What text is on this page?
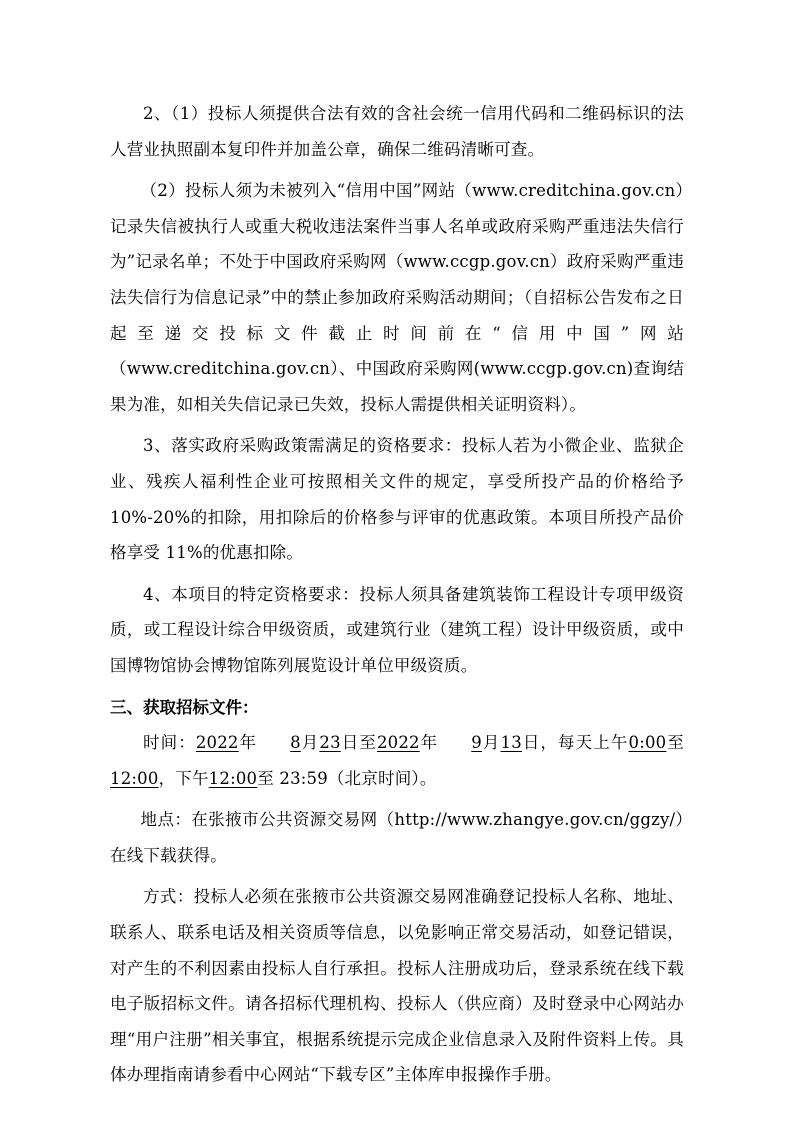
2、（1）投标人须提供合法有效的含社会统一信用代码和二维码标识的法人营业执照副本复印件并加盖公章，确保二维码清晰可查。

（2）投标人须为未被列入“信用中国”网站（www.creditchina.gov.cn）记录失信被执行人或重大税收违法案件当事人名单或政府采购严重违法失信行为”记录名单；不处于中国政府采购网（www.ccgp.gov.cn）政府采购严重违法失信行为信息记录”中的禁止参加政府采购活动期间；（自招标公告发布之日起至递交投标文件截止时间前在“信用中国”网站（www.creditchina.gov.cn）、中国政府采购网(www.ccgp.gov.cn)查询结果为准，如相关失信记录已失效，投标人需提供相关证明资料）。

3、落实政府采购政策需满足的资格要求：投标人若为小微企业、监狱企业、残疾人福利性企业可按照相关文件的规定，享受所投产品的价格给予 10%-20%的扣除，用扣除后的价格参与评审的优惠政策。本项目所投产品价格享受 11%的优惠扣除。

4、本项目的特定资格要求：投标人须具备建筑装饰工程设计专项甲级资质，或工程设计综合甲级资质，或建筑行业（建筑工程）设计甲级资质，或中国博物馆协会博物馆陈列展览设计单位甲级资质。

三、获取招标文件：

时间：2022年 8月23日至2022年 9月13日，每天上午0:00至12:00，下午12:00至 23:59（北京时间）。

地点：在张掖市公共资源交易网（http://www.zhangye.gov.cn/ggzy/）在线下载获得。

方式：投标人必须在张掖市公共资源交易网准确登记投标人名称、地址、联系人、联系电话及相关资质等信息，以免影响正常交易活动，如登记错误，对产生的不利因素由投标人自行承担。投标人注册成功后，登录系统在线下载电子版招标文件。请各招标代理机构、投标人（供应商）及时登录中心网站办理“用户注册”相关事宜，根据系统提示完成企业信息录入及附件资料上传。具体办理指南请参看中心网站“下载专区”主体库申报操作手册。
